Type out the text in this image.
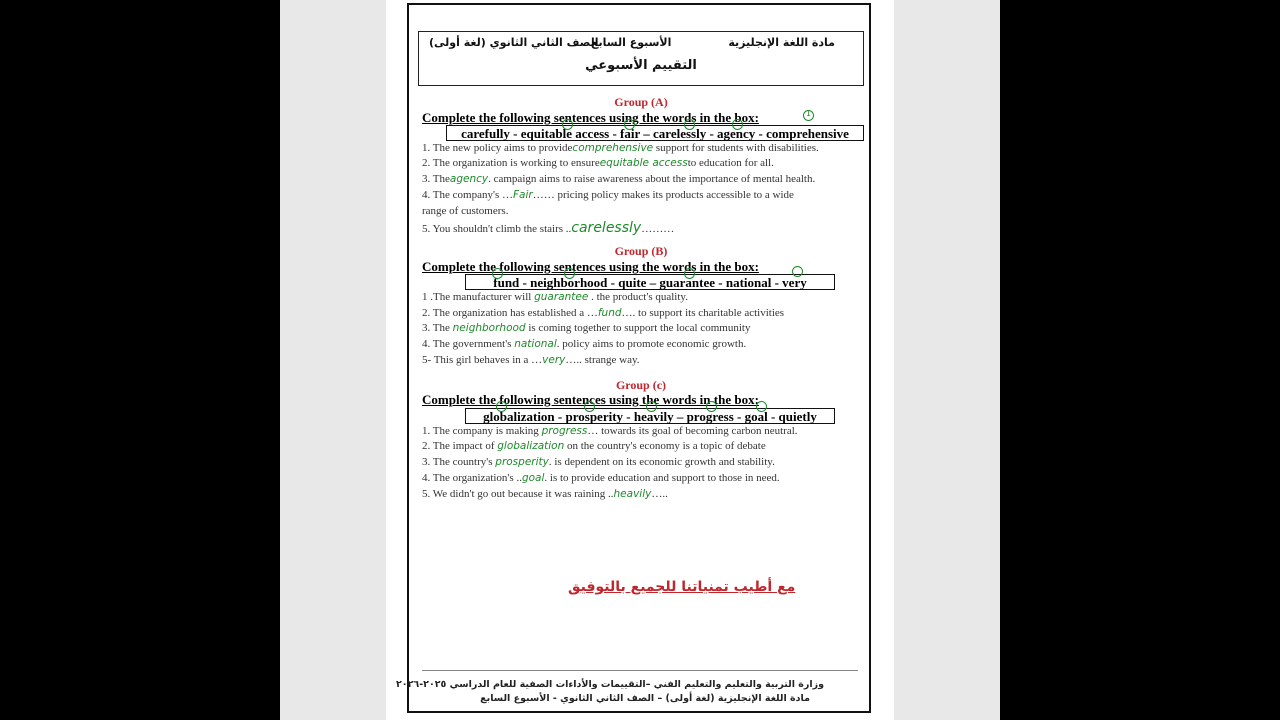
مادة اللغة الإنجليزية
الأسبوع السابع
الصف الثاني الثانوي (لغة أولى)
التقييم الأسبوعي
Group (A)
Complete the following sentences using the words in the box:	1
carefully - equitable access - fair – carelessly - agency - comprehensive
1. The new policy aims to providecomprehensive support for students with disabilities.
2. The organization is working to ensureequitable accessto education for all.
3. Theagency. campaign aims to raise awareness about the importance of mental health.
4. The company's …Fair…… pricing policy makes its products accessible to a wide
range of customers.
5. You shouldn't climb the stairs ..carelessly………
Group (B)
Complete the following sentences using the words in the box:
fund - neighborhood - quite – guarantee - national - very
1 .The manufacturer will guarantee . the product's quality.
2. The organization has established a …fund…. to support its charitable activities
3. The neighborhood is coming together to support the local community
4. The government's national. policy aims to promote economic growth.
5- This girl behaves in a …very….. strange way.
Group (c)
Complete the following sentences using the words in the box:
globalization - prosperity - heavily – progress - goal - quietly
1. The company is making progress… towards its goal of becoming carbon neutral.
2. The impact of globalization on the country's economy is a topic of debate
3. The country's prosperity. is dependent on its economic growth and stability.
4. The organization's ..goal. is to provide education and support to those in need.
5. We didn't go out because it was raining ..heavily…..
مع أطيب تمنياتنا للجميع بالتوفيق
وزارة التربية والتعليم والتعليم الفني –التقييمات والأداءات الصفية للعام الدراسي ٢٠٢٥-٢٠٢٦
مادة اللغة الإنجليزية (لغة أولى) – الصف الثاني الثانوي - الأسبوع السابع
